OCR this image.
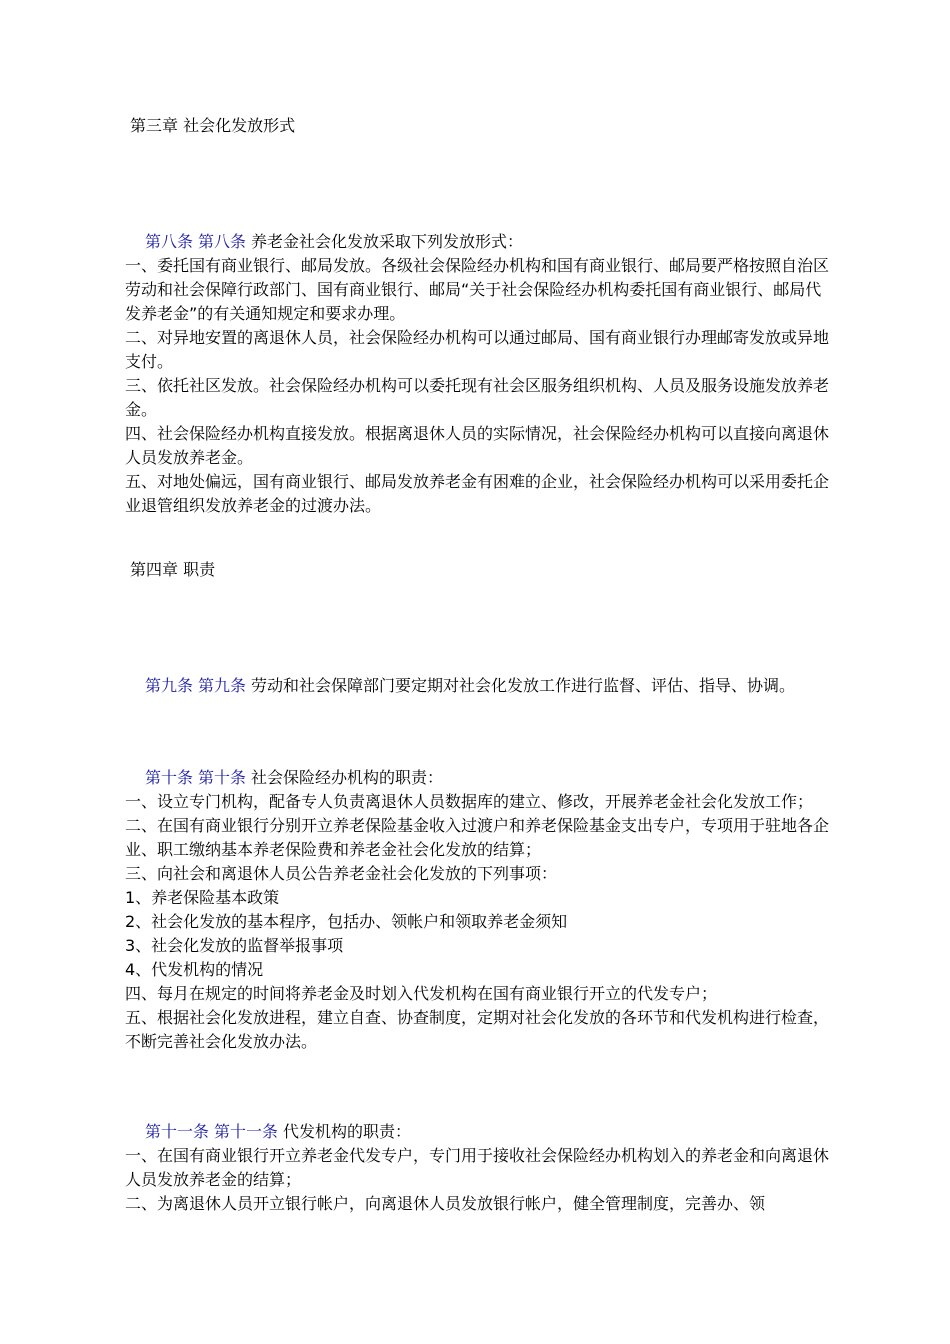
第三章 社会化发放形式

第八条 第八条 养老金社会化发放采取下列发放形式：

一、委托国有商业银行、邮局发放。各级社会保险经办机构和国有商业银行、邮局要严格按照自治区劳动和社会保障行政部门、国有商业银行、邮局“关于社会保险经办机构委托国有商业银行、邮局代发养老金”的有关通知规定和要求办理。

二、对异地安置的离退休人员，社会保险经办机构可以通过邮局、国有商业银行办理邮寄发放或异地支付。

三、依托社区发放。社会保险经办机构可以委托现有社会区服务组织机构、人员及服务设施发放养老金。

四、社会保险经办机构直接发放。根据离退休人员的实际情况，社会保险经办机构可以直接向离退休人员发放养老金。

五、对地处偏远，国有商业银行、邮局发放养老金有困难的企业，社会保险经办机构可以采用委托企业退管组织发放养老金的过渡办法。

第四章 职责

第九条 第九条 劳动和社会保障部门要定期对社会化发放工作进行监督、评估、指导、协调。

第十条 第十条 社会保险经办机构的职责：

一、设立专门机构，配备专人负责离退休人员数据库的建立、修改，开展养老金社会化发放工作；

二、在国有商业银行分别开立养老保险基金收入过渡户和养老保险基金支出专户，专项用于驻地各企业、职工缴纳基本养老保险费和养老金社会化发放的结算；

三、向社会和离退休人员公告养老金社会化发放的下列事项：

1、养老保险基本政策

2、社会化发放的基本程序，包括办、领帐户和领取养老金须知

3、社会化发放的监督举报事项

4、代发机构的情况

四、每月在规定的时间将养老金及时划入代发机构在国有商业银行开立的代发专户；

五、根据社会化发放进程，建立自查、协查制度，定期对社会化发放的各环节和代发机构进行检查，不断完善社会化发放办法。

第十一条 第十一条 代发机构的职责：

一、在国有商业银行开立养老金代发专户，专门用于接收社会保险经办机构划入的养老金和向离退休人员发放养老金的结算；

二、为离退休人员开立银行帐户，向离退休人员发放银行帐户，健全管理制度，完善办、领
